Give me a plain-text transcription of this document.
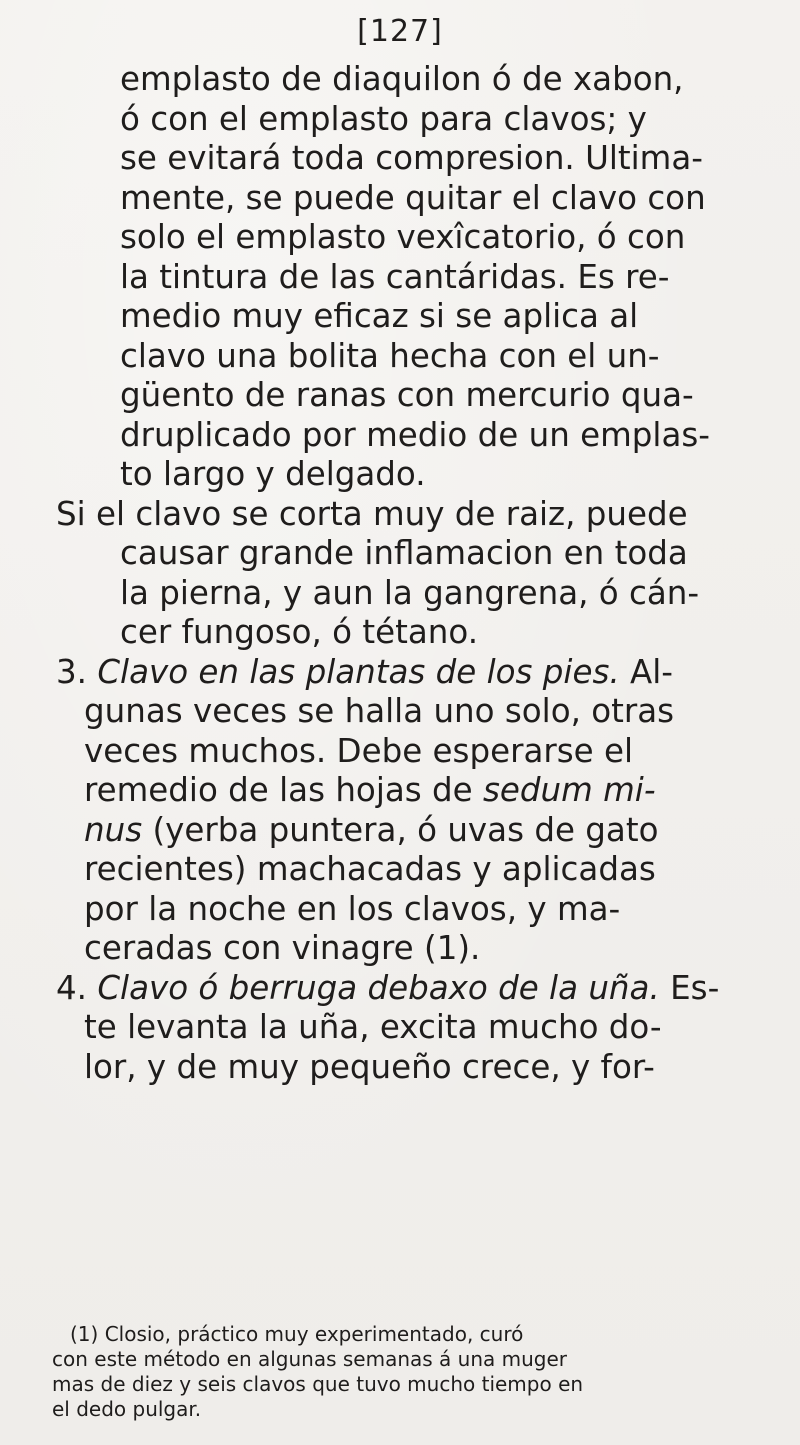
[127]
emplasto de diaquilon ó de xabon,
ó con el emplasto para clavos; y
se evitará toda compresion. Ultima-
mente, se puede quitar el clavo con
solo el emplasto vexîcatorio, ó con
la tintura de las cantáridas. Es re-
medio muy eficaz si se aplica al
clavo una bolita hecha con el un-
güento de ranas con mercurio qua-
druplicado por medio de un emplas-
to largo y delgado.
Si el clavo se corta muy de raiz, puede
causar grande inflamacion en toda
la pierna, y aun la gangrena, ó cán-
cer fungoso, ó tétano.
3. Clavo en las plantas de los pies. Al-
gunas veces se halla uno solo, otras
veces muchos. Debe esperarse el
remedio de las hojas de sedum mi-
nus (yerba puntera, ó uvas de gato
recientes) machacadas y aplicadas
por la noche en los clavos, y ma-
ceradas con vinagre (1).
4. Clavo ó berruga debaxo de la uña. Es-
te levanta la uña, excita mucho do-
lor, y de muy pequeño crece, y for-
(1) Closio, práctico muy experimentado, curó
con este método en algunas semanas á una muger
mas de diez y seis clavos que tuvo mucho tiempo en
el dedo pulgar.
